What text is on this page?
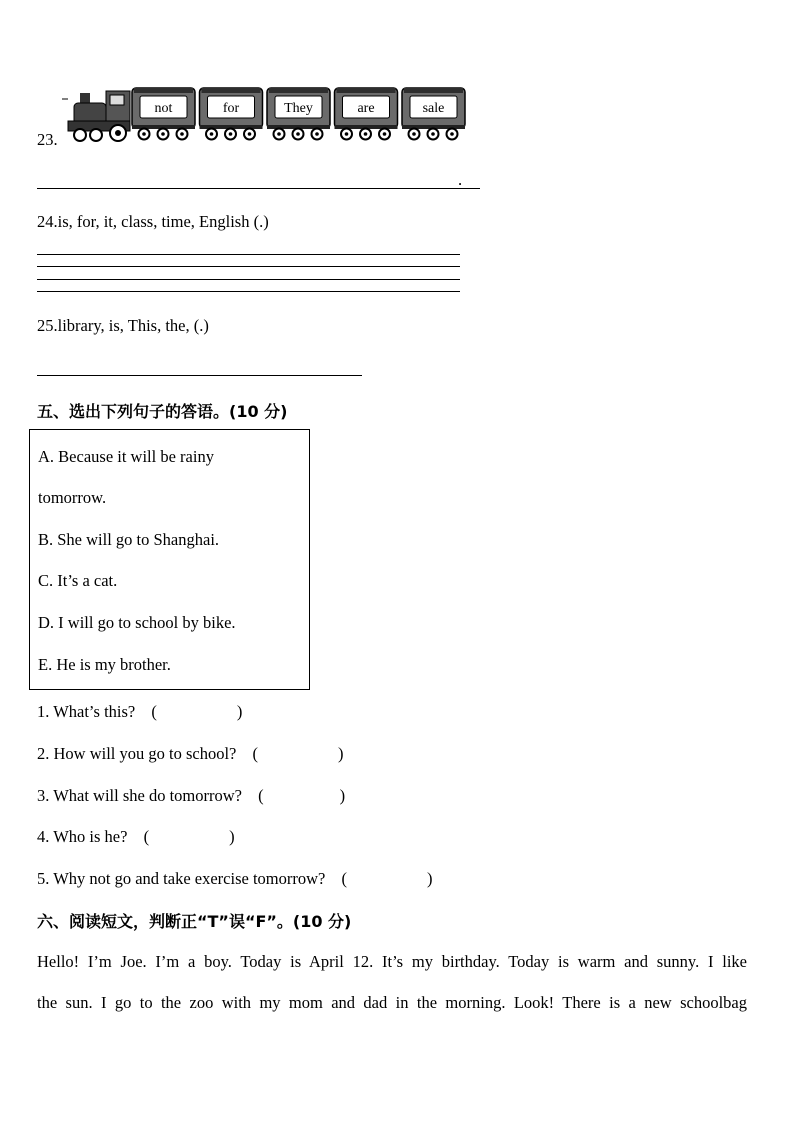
not	for	They	are	sale
23.
.
24.is, for, it, class, time, English (.)
25.library, is, This, the, (.)
五、选出下列句子的答语。(10 分)
A. Because it will be rainy
tomorrow.
B. She will go to Shanghai.
C. It’s a cat.
D. I will go to school by bike.
E. He is my brother.
1. What’s this? (	)
2. How will you go to school? (	)
3. What will she do tomorrow? (	)
4. Who is he? (	)
5. Why not go and take exercise tomorrow? (	)
六、阅读短文，判断正“T”误“F”。(10 分)
Hello! I’m Joe. I’m a boy. Today is April 12. It’s my birthday. Today is warm and sunny. I like
the sun. I go to the zoo with my mom and dad in the morning. Look! There is a new schoolbag
